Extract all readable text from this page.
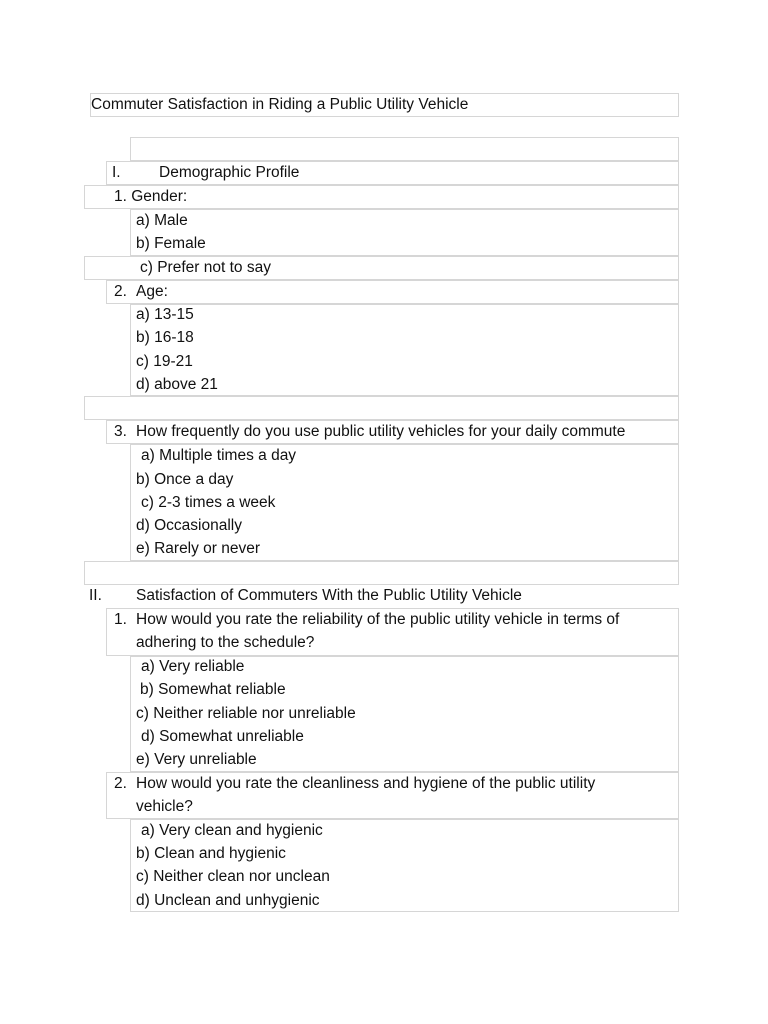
Commuter Satisfaction in Riding a Public Utility Vehicle
I. Demographic Profile
1. Gender:
a) Male
b) Female
c) Prefer not to say
2. Age:
a) 13-15
b) 16-18
c) 19-21
d) above 21
3. How frequently do you use public utility vehicles for your daily commute
a) Multiple times a day
b) Once a day
c) 2-3 times a week
d) Occasionally
e) Rarely or never
II. Satisfaction of Commuters With the Public Utility Vehicle
1. How would you rate the reliability of the public utility vehicle in terms of
adhering to the schedule?
a) Very reliable
b) Somewhat reliable
c) Neither reliable nor unreliable
d) Somewhat unreliable
e) Very unreliable
2. How would you rate the cleanliness and hygiene of the public utility
vehicle?
a) Very clean and hygienic
b) Clean and hygienic
c) Neither clean nor unclean
d) Unclean and unhygienic
